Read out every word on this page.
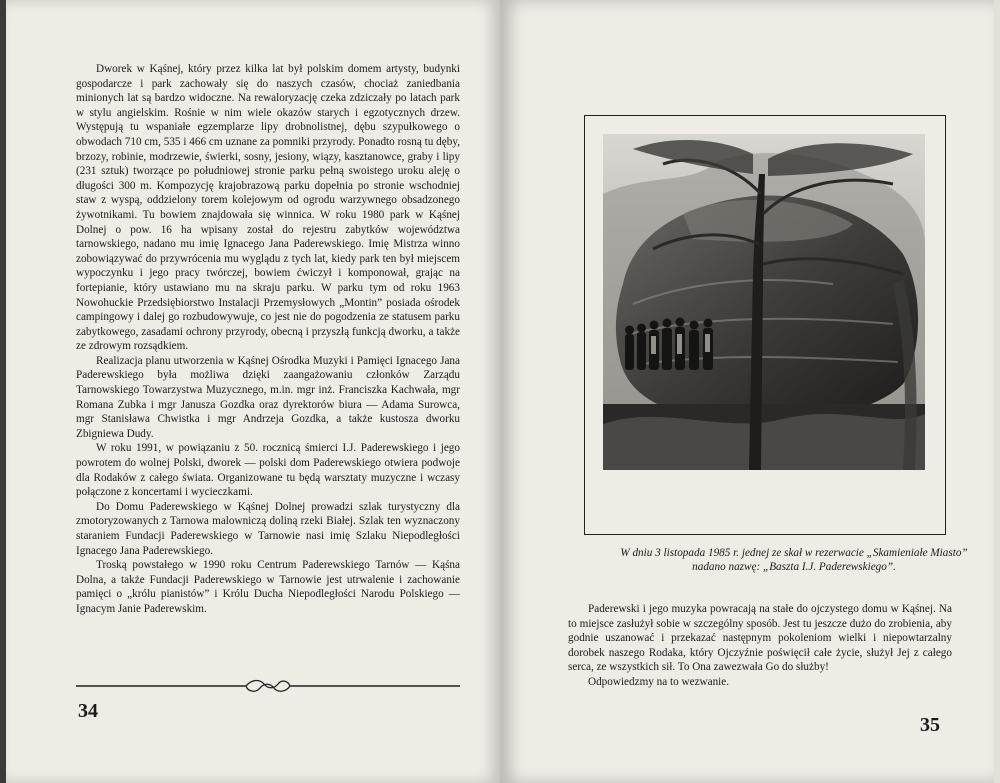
Dworek w Kąśnej, który przez kilka lat był polskim domem artysty, budynki gospodarcze i park zachowały się do naszych czasów, chociaż zaniedbania minionych lat są bardzo widoczne. Na rewaloryzację czeka zdziczały po latach park w stylu angielskim. Rośnie w nim wiele okazów starych i egzotycznych drzew. Występują tu wspaniałe egzemplarze lipy drobnolistnej, dębu szypułkowego o obwodach 710 cm, 535 i 466 cm uznane za pomniki przyrody. Ponadto rosną tu dęby, brzozy, robinie, modrzewie, świerki, sosny, jesiony, wiązy, kasztanowce, graby i lipy (231 sztuk) tworzące po południowej stronie parku pełną swoistego uroku aleję o długości 300 m. Kompozycję krajobrazową parku dopełnia po stronie wschodniej staw z wyspą, oddzielony torem kolejowym od ogrodu warzywnego obsadzonego żywotnikami. Tu bowiem znajdowała się winnica. W roku 1980 park w Kąśnej Dolnej o pow. 16 ha wpisany został do rejestru zabytków województwa tarnowskiego, nadano mu imię Ignacego Jana Paderewskiego. Imię Mistrza winno zobowiązywać do przywrócenia mu wyglądu z tych lat, kiedy park ten był miejscem wypoczynku i jego pracy twórczej, bowiem ćwiczył i komponował, grając na fortepianie, który ustawiano mu na skraju parku. W parku tym od roku 1963 Nowohuckie Przedsiębiorstwo Instalacji Przemysłowych „Montin” posiada ośrodek campingowy i dalej go rozbudowywuje, co jest nie do pogodzenia ze statusem parku zabytkowego, zasadami ochrony przyrody, obecną i przyszłą funkcją dworku, a także ze zdrowym rozsądkiem.

Realizacja planu utworzenia w Kąśnej Ośrodka Muzyki i Pamięci Ignacego Jana Paderewskiego była możliwa dzięki zaangażowaniu członków Zarządu Tarnowskiego Towarzystwa Muzycznego, m.in. mgr inż. Franciszka Kachwała, mgr Romana Zubka i mgr Janusza Gozdka oraz dyrektorów biura — Adama Surowca, mgr Stanisława Chwistka i mgr Andrzeja Gozdka, a także kustosza dworku Zbigniewa Dudy.

W roku 1991, w powiązaniu z 50. rocznicą śmierci I.J. Paderewskiego i jego powrotem do wolnej Polski, dworek — polski dom Paderewskiego otwiera podwoje dla Rodaków z całego świata. Organizowane tu będą warsztaty muzyczne i wczasy połączone z koncertami i wycieczkami.

Do Domu Paderewskiego w Kąśnej Dolnej prowadzi szlak turystyczny dla zmotoryzowanych z Tarnowa malowniczą doliną rzeki Białej. Szlak ten wyznaczony staraniem Fundacji Paderewskiego w Tarnowie nasi imię Szlaku Niepodległości Ignacego Jana Paderewskiego.

Troską powstałego w 1990 roku Centrum Paderewskiego Tarnów — Kąśna Dolna, a także Fundacji Paderewskiego w Tarnowie jest utrwalenie i zachowanie pamięci o „królu pianistów” i Królu Ducha Niepodległości Narodu Polskiego — Ignacym Janie Paderewskim.

34
W dniu 3 listopada 1985 r. jednej ze skał w rezerwacie „Skamieniałe Miasto” nadano nazwę: „Baszta I.J. Paderewskiego”.

Paderewski i jego muzyka powracają na stałe do ojczystego domu w Kąśnej. Na to miejsce zasłużył sobie w szczególny sposób. Jest tu jeszcze dużo do zrobienia, aby godnie uszanować i przekazać następnym pokoleniom wielki i niepowtarzalny dorobek naszego Rodaka, który Ojczyźnie poświęcił całe życie, służył Jej z całego serca, ze wszystkich sił. To Ona zawezwała Go do służby!

Odpowiedzmy na to wezwanie.

35
